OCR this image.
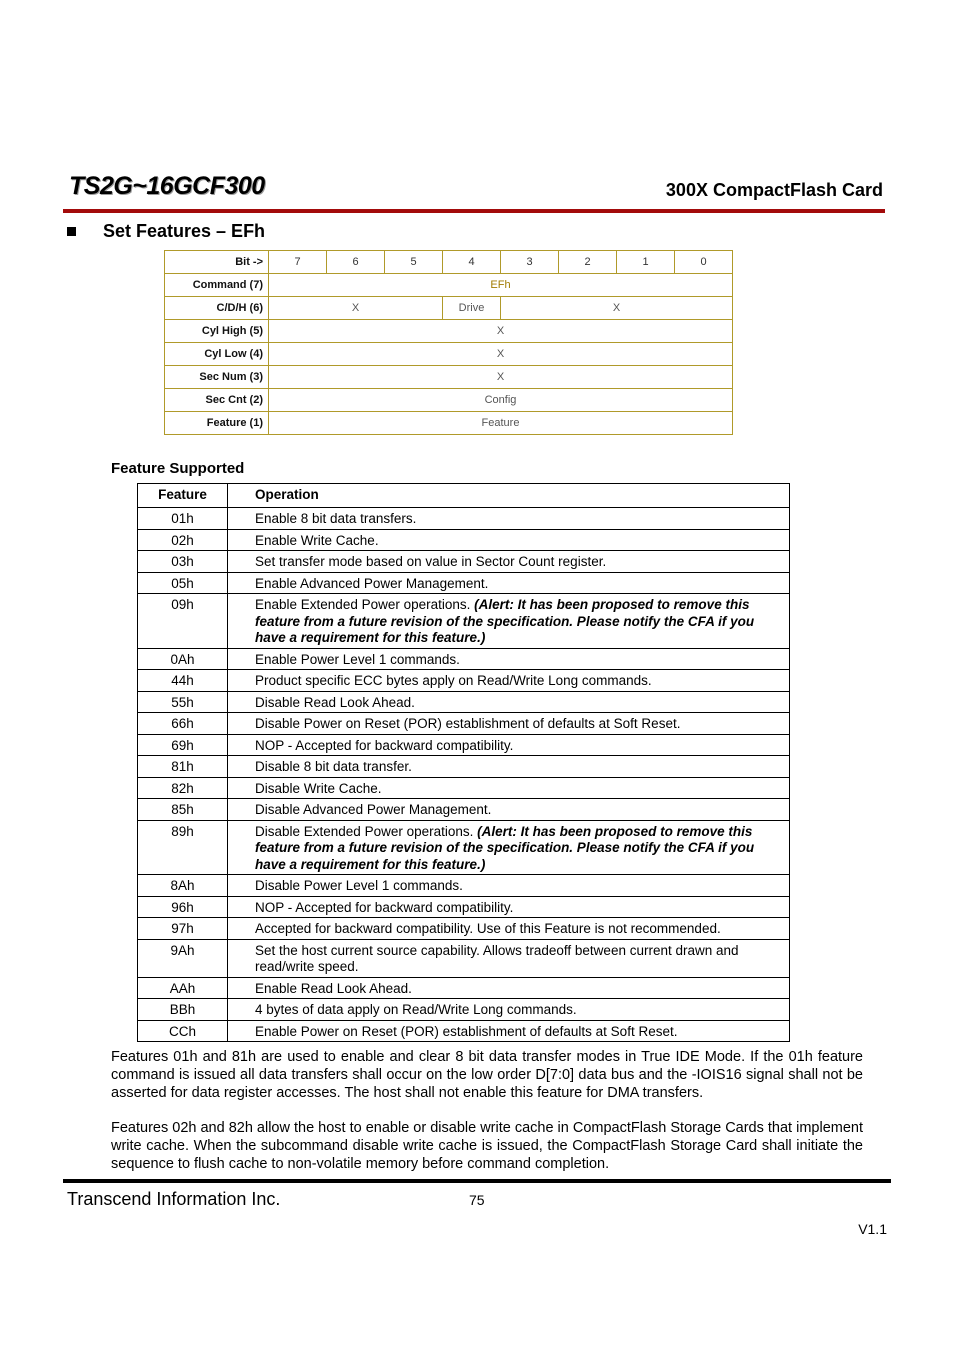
TS2G~16GCF300	300X CompactFlash Card
Set Features – EFh
Bit ->	7	6	5	4	3	2	1	0
Command (7)	EFh							
C/D/H (6)	X			Drive	X			
Cyl High (5)	X							
Cyl Low (4)	X							
Sec Num (3)	X							
Sec Cnt (2)	Config							
Feature (1)	Feature							
Feature Supported
Feature	Operation
01h	Enable 8 bit data transfers.
02h	Enable Write Cache.
03h	Set transfer mode based on value in Sector Count register.
05h	Enable Advanced Power Management.
09h	Enable Extended Power operations. (Alert: It has been proposed to remove this feature from a future revision of the specification. Please notify the CFA if you have a requirement for this feature.)
0Ah	Enable Power Level 1 commands.
44h	Product specific ECC bytes apply on Read/Write Long commands.
55h	Disable Read Look Ahead.
66h	Disable Power on Reset (POR) establishment of defaults at Soft Reset.
69h	NOP - Accepted for backward compatibility.
81h	Disable 8 bit data transfer.
82h	Disable Write Cache.
85h	Disable Advanced Power Management.
89h	Disable Extended Power operations. (Alert: It has been proposed to remove this feature from a future revision of the specification. Please notify the CFA if you have a requirement for this feature.)
8Ah	Disable Power Level 1 commands.
96h	NOP - Accepted for backward compatibility.
97h	Accepted for backward compatibility. Use of this Feature is not recommended.
9Ah	Set the host current source capability. Allows tradeoff between current drawn and read/write speed.
AAh	Enable Read Look Ahead.
BBh	4 bytes of data apply on Read/Write Long commands.
CCh	Enable Power on Reset (POR) establishment of defaults at Soft Reset.
Features 01h and 81h are used to enable and clear 8 bit data transfer modes in True IDE Mode. If the 01h feature command is issued all data transfers shall occur on the low order D[7:0] data bus and the -IOIS16 signal shall not be asserted for data register accesses. The host shall not enable this feature for DMA transfers.
Features 02h and 82h allow the host to enable or disable write cache in CompactFlash Storage Cards that implement write cache. When the subcommand disable write cache is issued, the CompactFlash Storage Card shall initiate the sequence to flush cache to non-volatile memory before command completion.
Transcend Information Inc.	75
V1.1
